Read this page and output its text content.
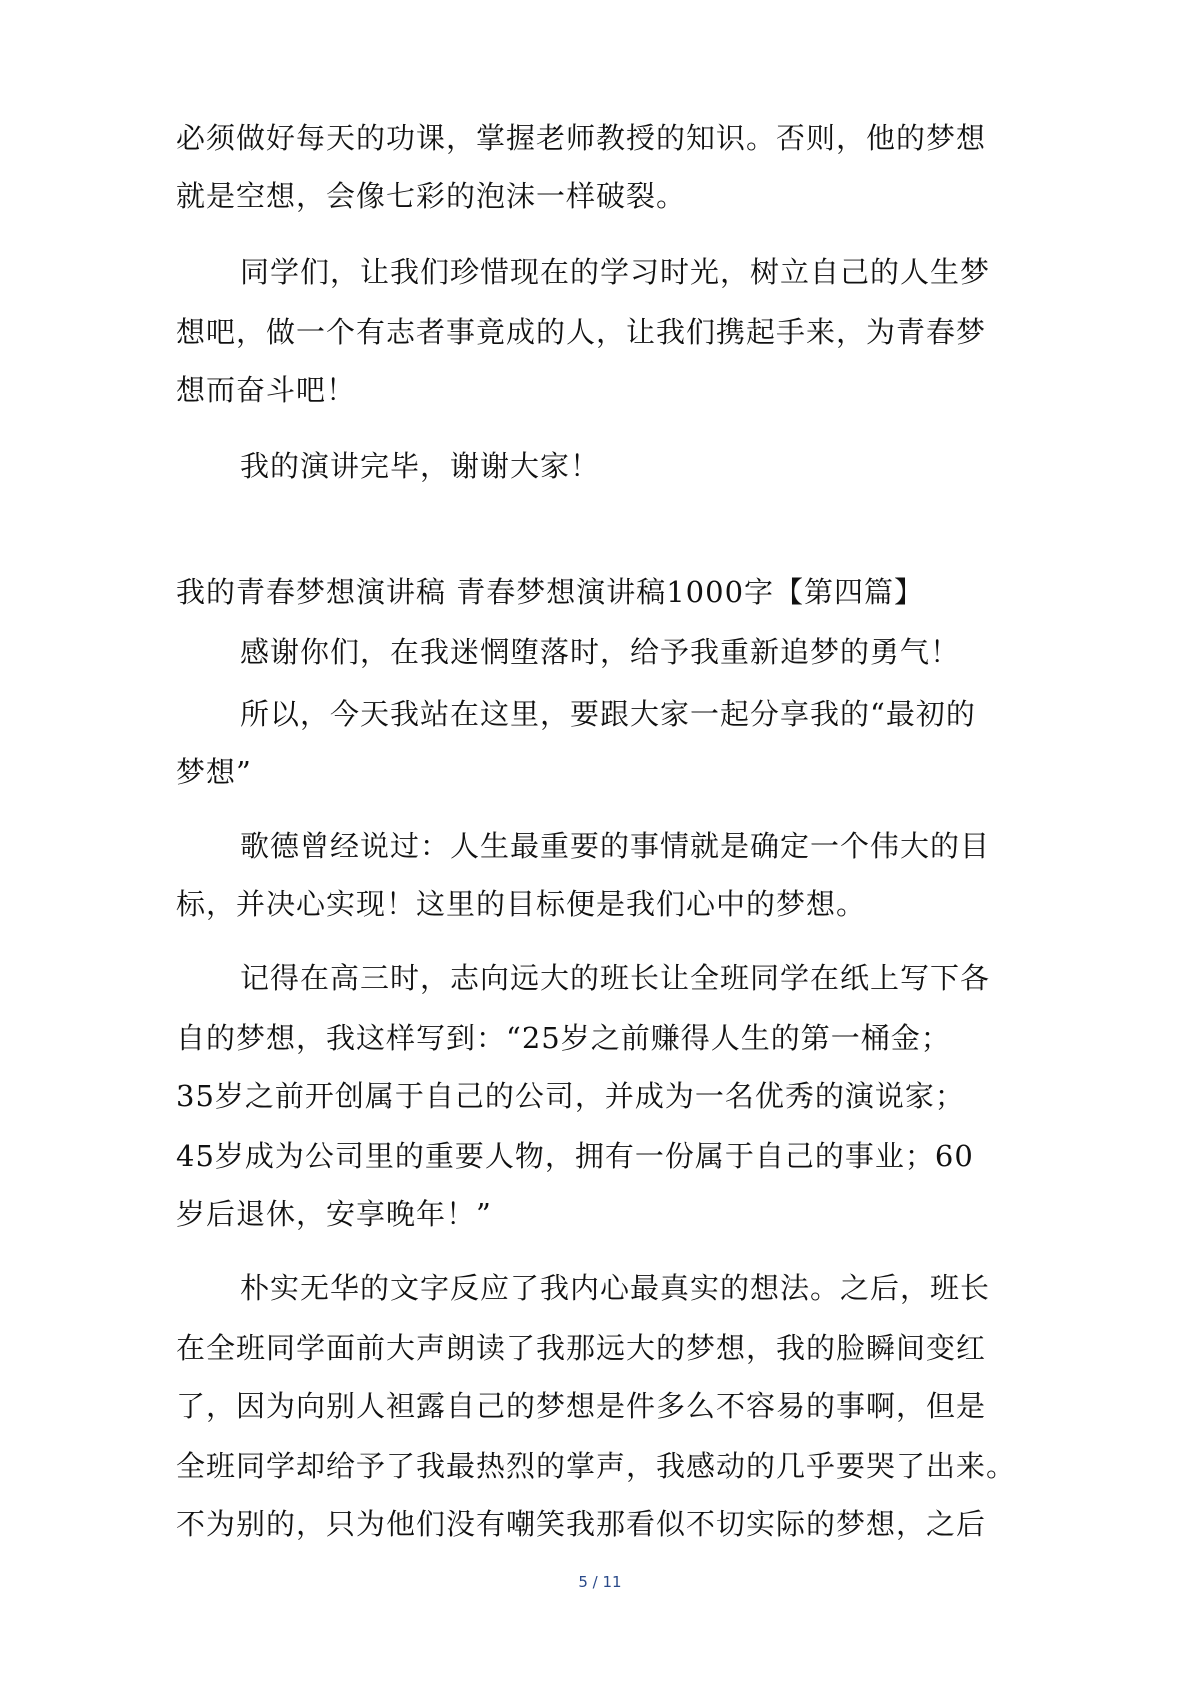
必须做好每天的功课，掌握老师教授的知识。否则，他的梦想
就是空想，会像七彩的泡沫一样破裂。
同学们，让我们珍惜现在的学习时光，树立自己的人生梦
想吧，做一个有志者事竟成的人，让我们携起手来，为青春梦
想而奋斗吧！
我的演讲完毕，谢谢大家！
我的青春梦想演讲稿 青春梦想演讲稿1000字【第四篇】
感谢你们，在我迷惘堕落时，给予我重新追梦的勇气！
所以，今天我站在这里，要跟大家一起分享我的“最初的
梦想”
歌德曾经说过：人生最重要的事情就是确定一个伟大的目
标，并决心实现！这里的目标便是我们心中的梦想。
记得在高三时，志向远大的班长让全班同学在纸上写下各
自的梦想，我这样写到：“25岁之前赚得人生的第一桶金；
35岁之前开创属于自己的公司，并成为一名优秀的演说家；
45岁成为公司里的重要人物，拥有一份属于自己的事业；60
岁后退休，安享晚年！”
朴实无华的文字反应了我内心最真实的想法。之后，班长
在全班同学面前大声朗读了我那远大的梦想，我的脸瞬间变红
了，因为向别人袒露自己的梦想是件多么不容易的事啊，但是
全班同学却给予了我最热烈的掌声，我感动的几乎要哭了出来。
不为别的，只为他们没有嘲笑我那看似不切实际的梦想，之后
5 / 11
